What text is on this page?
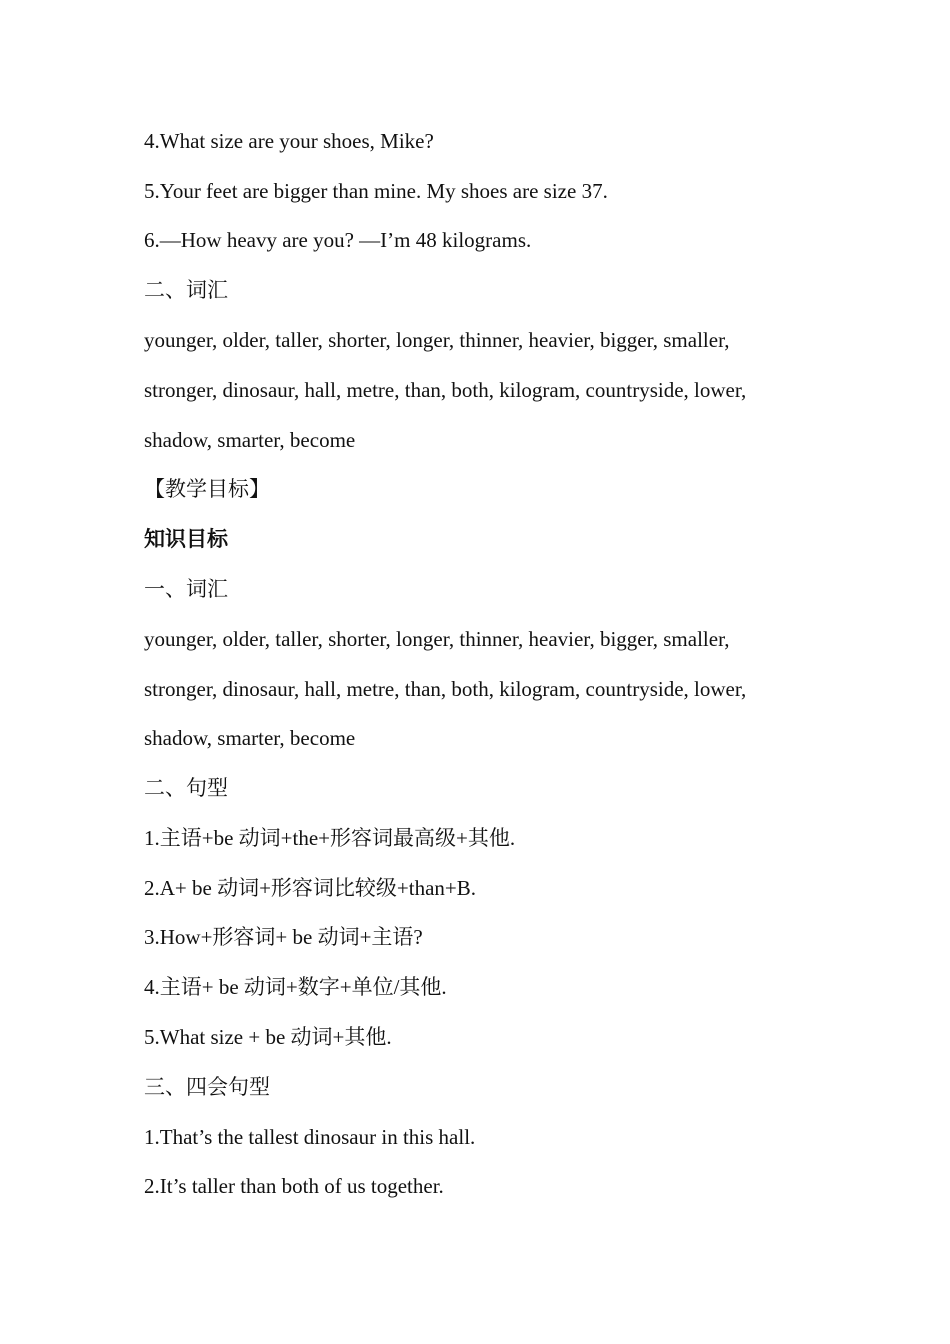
4.What size are your shoes, Mike?
5.Your feet are bigger than mine. My shoes are size 37.
6.—How heavy are you? —I’m 48 kilograms.
二、词汇
younger, older, taller, shorter, longer, thinner, heavier, bigger, smaller,
stronger, dinosaur, hall, metre, than, both, kilogram, countryside, lower,
shadow, smarter, become
【教学目标】
知识目标
一、词汇
younger, older, taller, shorter, longer, thinner, heavier, bigger, smaller,
stronger, dinosaur, hall, metre, than, both, kilogram, countryside, lower,
shadow, smarter, become
二、句型
1.主语+be 动词+the+形容词最高级+其他.
2.A+ be 动词+形容词比较级+than+B.
3.How+形容词+ be 动词+主语?
4.主语+ be 动词+数字+单位/其他.
5.What size + be 动词+其他.
三、四会句型
1.That’s the tallest dinosaur in this hall.
2.It’s taller than both of us together.
